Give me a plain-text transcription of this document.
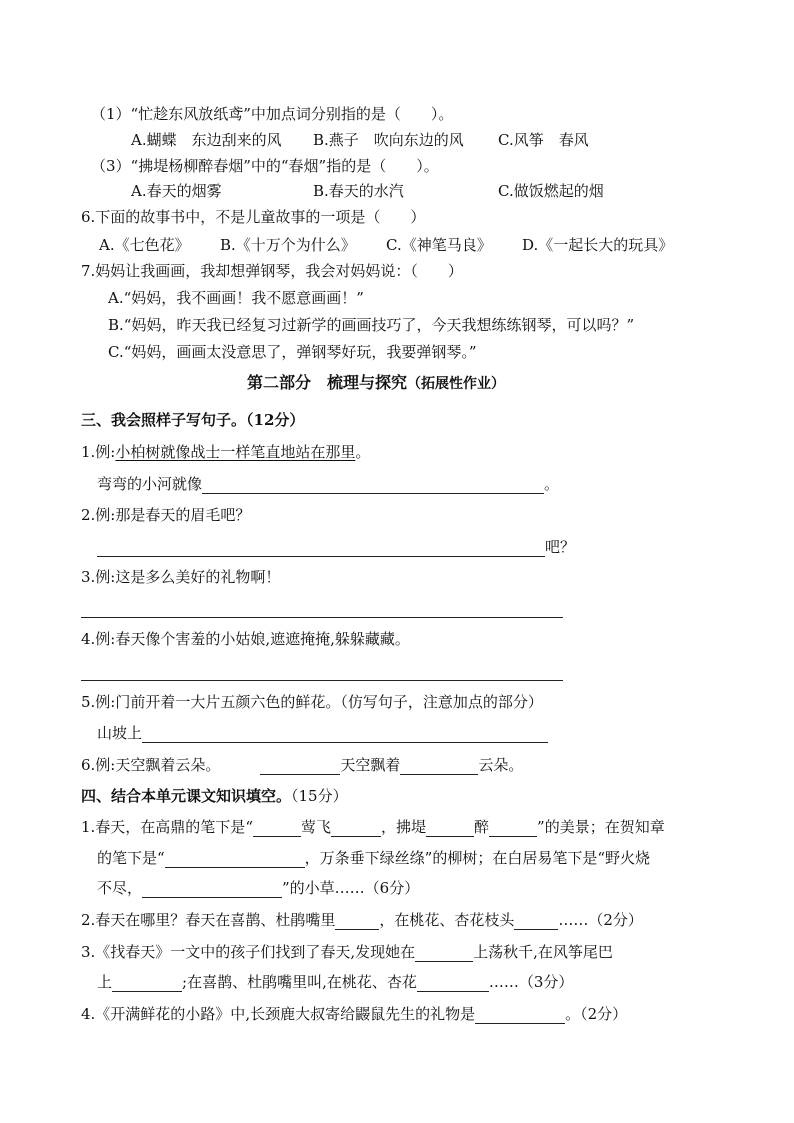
（1）“忙趁东风放纸鸢”中加点词分别指的是（　　）。
A.蝴蝶　东边刮来的风 B.燕子　吹向东边的风 C.风筝　春风
（3）“拂堤杨柳醉春烟”中的“春烟”指的是（　　）。
A.春天的烟雾	B.春天的水汽	C.做饭燃起的烟
6.下面的故事书中，不是儿童故事的一项是（　　）
A.《七色花》 B.《十万个为什么》 C.《神笔马良》 D.《一起长大的玩具》
7.妈妈让我画画，我却想弹钢琴，我会对妈妈说：（　　）
A.“妈妈，我不画画！我不愿意画画！”
B.“妈妈，昨天我已经复习过新学的画画技巧了，今天我想练练钢琴，可以吗？”
C.“妈妈，画画太没意思了，弹钢琴好玩，我要弹钢琴。”
第二部分　梳理与探究（拓展性作业）
三、我会照样子写句子。（12分）
1.例:小柏树就像战士一样笔直地站在那里。
弯弯的小河就像	。
2.例:那是春天的眉毛吧？
吧？
3.例:这是多么美好的礼物啊！
4.例:春天像个害羞的小姑娘,遮遮掩掩,躲躲藏藏。
5.例:门前开着一大片五颜六色的鲜花。（仿写句子，注意加点的部分）
山坡上
6.例:天空飘着云朵。	天空飘着	云朵。
四、结合本单元课文知识填空。（15分）
1.春天，在高鼎的笔下是“	莺飞	，拂堤	醉	”的美景；在贺知章
的笔下是“	，万条垂下绿丝绦”的柳树；在白居易笔下是“野火烧
不尽，	”的小草……（6分）
2.春天在哪里？春天在喜鹊、杜鹃嘴里	，在桃花、杏花枝头	……（2分）
3.《找春天》一文中的孩子们找到了春天,发现她在	上荡秋千,在风筝尾巴
上	;在喜鹊、杜鹃嘴里叫,在桃花、杏花	……（3分）
4.《开满鲜花的小路》中,长颈鹿大叔寄给鼹鼠先生的礼物是	。（2分）
